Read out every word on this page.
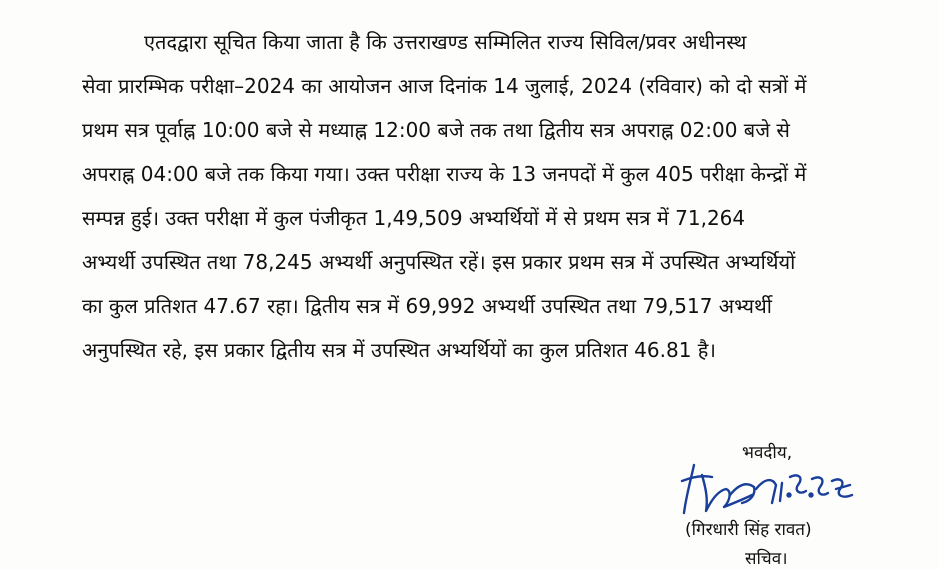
एतदद्वारा सूचित किया जाता है कि उत्तराखण्ड सम्मिलित राज्य सिविल/प्रवर अधीनस्थ
सेवा प्रारम्भिक परीक्षा–2024 का आयोजन आज दिनांक 14 जुलाई, 2024 (रविवार) को दो सत्रों में
प्रथम सत्र पूर्वाह्न 10:00 बजे से मध्याह्न 12:00 बजे तक तथा द्वितीय सत्र अपराह्न 02:00 बजे से
अपराह्न 04:00 बजे तक किया गया। उक्त परीक्षा राज्य के 13 जनपदों में कुल 405 परीक्षा केन्द्रों में
सम्पन्न हुई। उक्त परीक्षा में कुल पंजीकृत 1,49,509 अभ्यर्थियों में से प्रथम सत्र में 71,264
अभ्यर्थी उपस्थित तथा 78,245 अभ्यर्थी अनुपस्थित रहें। इस प्रकार प्रथम सत्र में उपस्थित अभ्यर्थियों
का कुल प्रतिशत 47.67 रहा। द्वितीय सत्र में 69,992 अभ्यर्थी उपस्थित तथा 79,517 अभ्यर्थी
अनुपस्थित रहे, इस प्रकार द्वितीय सत्र में उपस्थित अभ्यर्थियों का कुल प्रतिशत 46.81 है।
भवदीय,
(गिरधारी सिंह रावत)
सचिव।
